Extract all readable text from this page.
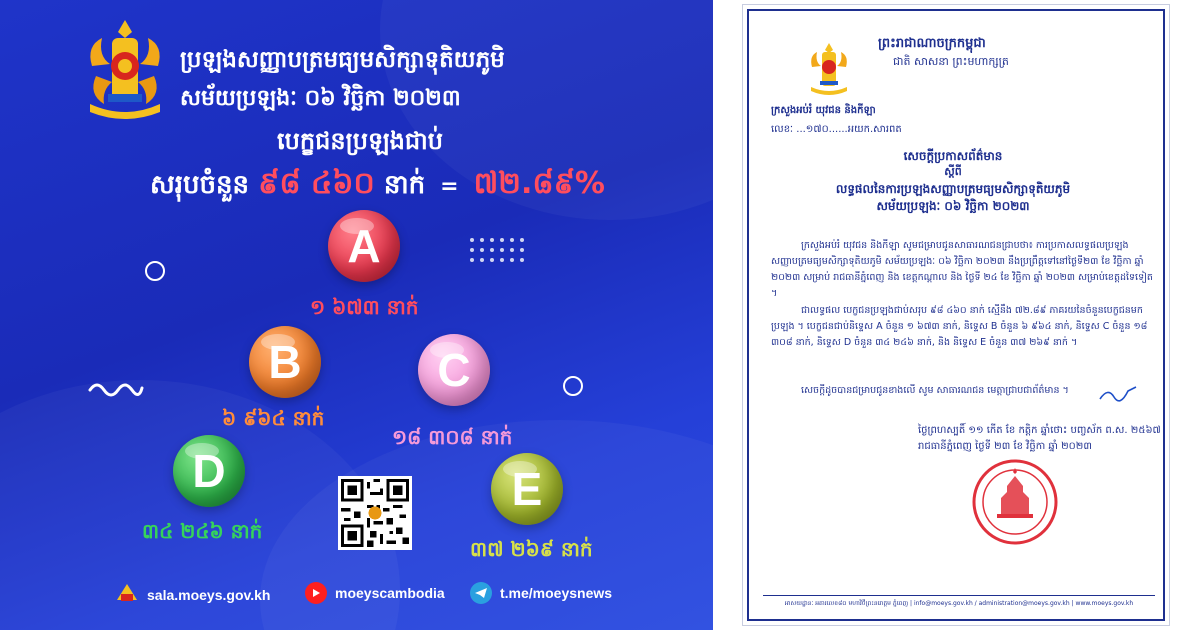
ប្រឡងសញ្ញាបត្រមធ្យមសិក្សាទុតិយភូមិ
សម័យប្រឡងៈ ០៦ វិច្ឆិកា ២០២៣
បេក្ខជនប្រឡងជាប់
សរុបចំនួន ៩៨ ៤៦០ នាក់ = ៧២.៨៩%
A
១ ៦៧៣ នាក់
B
៦ ៩៦៤ នាក់
C
១៨ ៣០៨ នាក់
D
៣៤ ២៤៦ នាក់
E
៣៧ ២៦៩ នាក់
sala.moeys.gov.kh	moeyscambodia	t.me/moeysnews
ព្រះរាជាណាចក្រកម្ពុជា
ជាតិ សាសនា ព្រះមហាក្សត្រ
ក្រសួងអប់រំ យុវជន និងកីឡា
លេខៈ ...១៧០......អយក.សារពត
សេចក្តីប្រកាសព័ត៌មាន
ស្តីពី
លទ្ធផលនៃការប្រឡងសញ្ញាបត្រមធ្យមសិក្សាទុតិយភូមិ
សម័យប្រឡងៈ ០៦ វិច្ឆិកា ២០២៣
ក្រសួងអប់រំ យុវជន និងកីឡា សូមជម្រាបជូនសាធារណជនជ្រាបថា៖ ការប្រកាសលទ្ធផលប្រឡងសញ្ញាបត្រមធ្យមសិក្សាទុតិយភូមិ សម័យប្រឡងៈ ០៦ វិច្ឆិកា ២០២៣ នឹងប្រព្រឹត្តទៅនៅថ្ងៃទី២៣ ខែ វិច្ឆិកា ឆ្នាំ ២០២៣ សម្រាប់ រាជធានីភ្នំពេញ និង ខេត្តកណ្តាល និង ថ្ងៃទី ២៤ ខែ វិច្ឆិកា ឆ្នាំ ២០២៣ សម្រាប់ខេត្តដទៃទៀត ។
ជាលទ្ធផល បេក្ខជនប្រឡងជាប់សរុប ៩៨ ៤៦០ នាក់ ស្មើនឹង ៧២.៨៩ ភាគរយនៃចំនួនបេក្ខជនមកប្រឡង ។ បេក្ខជនជាប់និទ្ទេស A ចំនួន ១ ៦៧៣ នាក់, និទ្ទេស B ចំនួន ៦ ៩៦៤ នាក់, និទ្ទេស C ចំនួន ១៨ ៣០៨ នាក់, និទ្ទេស D ចំនួន ៣៤ ២៤៦ នាក់, និង និទ្ទេស E ចំនួន ៣៧ ២៦៩ នាក់ ។
សេចក្តីដូចបានជម្រាបជូនខាងលើ សូម សាធារណជន មេត្តាជ្រាបជាព័ត៌មាន ។
ថ្ងៃព្រហស្បតិ៍ ១១ កើត ខែ កត្តិក ឆ្នាំថោះ បញ្ចស័ក ព.ស. ២៥៦៧
រាជធានីភ្នំពេញ ថ្ងៃទី ២៣ ខែ វិច្ឆិកា ឆ្នាំ ២០២៣
អាសយដ្ឋានៈ អគារលេខ៨០ មហាវិថីព្រះនរោត្តម ភ្នំពេញ | info@moeys.gov.kh / administration@moeys.gov.kh | www.moeys.gov.kh
